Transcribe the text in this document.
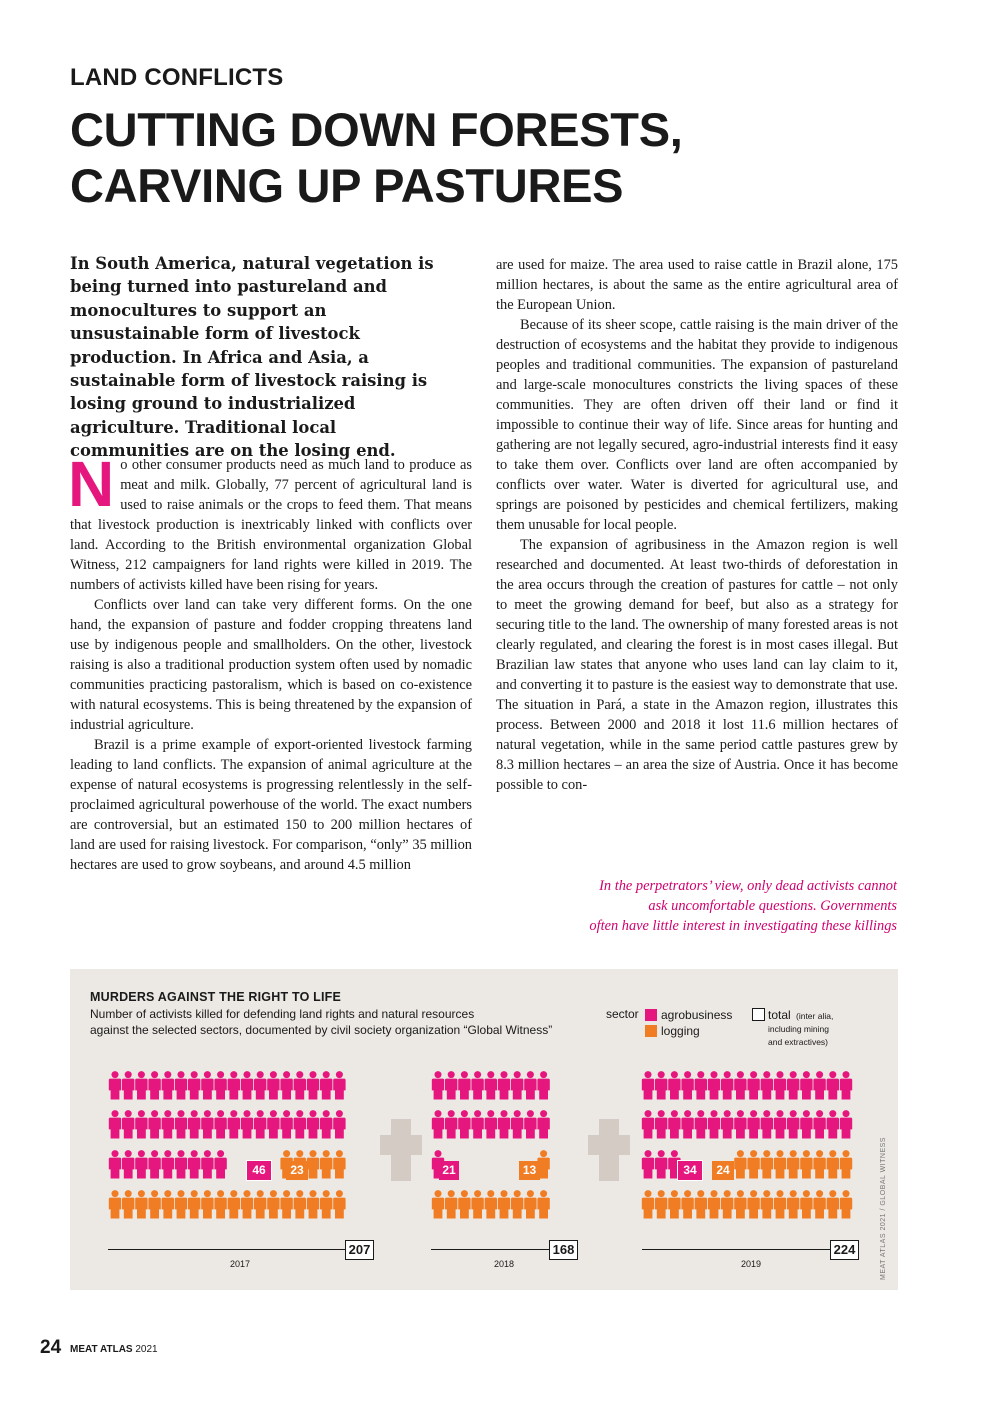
LAND CONFLICTS
CUTTING DOWN FORESTS,
CARVING UP PASTURES
In South America, natural vegetation is being turned into pastureland and monocultures to support an unsustainable form of livestock production. In Africa and Asia, a sustainable form of livestock raising is losing ground to industrialized agriculture. Traditional local communities are on the losing end.
N o other consumer products need as much land to produce as meat and milk. Globally, 77 percent of agricultural land is used to raise animals or the crops to feed them. That means that livestock production is inextricably linked with conflicts over land. According to the British environmental organization Global Witness, 212 campaigners for land rights were killed in 2019. The numbers of activists killed have been rising for years.

Conflicts over land can take very different forms. On the one hand, the expansion of pasture and fodder cropping threatens land use by indigenous people and smallholders. On the other, livestock raising is also a traditional production system often used by nomadic communities practicing pastoralism, which is based on co-existence with natural ecosystems. This is being threatened by the expansion of industrial agriculture.

Brazil is a prime example of export-oriented livestock farming leading to land conflicts. The expansion of animal agriculture at the expense of natural ecosystems is progressing relentlessly in the self-proclaimed agricultural powerhouse of the world. The exact numbers are controversial, but an estimated 150 to 200 million hectares of land are used for raising livestock. For comparison, “only” 35 million hectares are used to grow soybeans, and around 4.5 million

are used for maize. The area used to raise cattle in Brazil alone, 175 million hectares, is about the same as the entire agricultural area of the European Union.

Because of its sheer scope, cattle raising is the main driver of the destruction of ecosystems and the habitat they provide to indigenous peoples and traditional communities. The expansion of pastureland and large-scale monocultures constricts the living spaces of these communities. They are often driven off their land or find it impossible to continue their way of life. Since areas for hunting and gathering are not legally secured, agro-industrial interests find it easy to take them over. Conflicts over land are often accompanied by conflicts over water. Water is diverted for agricultural use, and springs are poisoned by pesticides and chemical fertilizers, making them unusable for local people.

The expansion of agribusiness in the Amazon region is well researched and documented. At least two-thirds of deforestation in the area occurs through the creation of pastures for cattle – not only to meet the growing demand for beef, but also as a strategy for securing title to the land. The ownership of many forested areas is not clearly regulated, and clearing the forest is in most cases illegal. But Brazilian law states that anyone who uses land can lay claim to it, and converting it to pasture is the easiest way to demonstrate that use. The situation in Pará, a state in the Amazon region, illustrates this process. Between 2000 and 2018 it lost 11.6 million hectares of natural vegetation, while in the same period cattle pastures grew by 8.3 million hectares – an area the size of Austria. Once it has become possible to con-

In the perpetrators’ view, only dead activists cannot
ask uncomfortable questions. Governments
often have little interest in investigating these killings
MURDERS AGAINST THE RIGHT TO LIFE
Number of activists killed for defending land rights and natural resources
against the selected sectors, documented by civil society organization “Global Witness”
sector agrobusiness
logging
total (inter alia,
including mining
and extractives)
46	23	21	13	34	24
207
2017
168
2018
224
2019	MEAT ATLAS 2021 / GLOBAL WITNESS
24 MEAT ATLAS 2021
